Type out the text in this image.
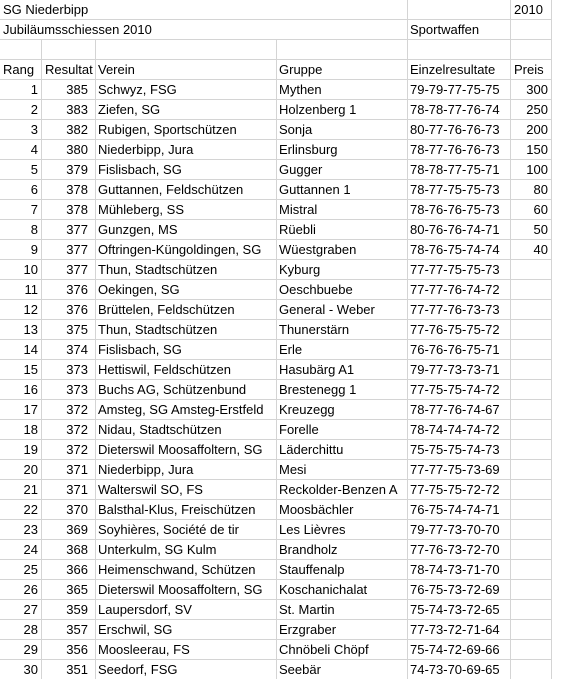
SG Niederbipp	2010
Jubiläumsschiessen 2010	Sportwaffen
Rang Resultat Verein	Gruppe	Einzelresultate	Preis
1	385 Schwyz, FSG	Mythen	79-79-77-75-75	300
2	383 Ziefen, SG	Holzenberg 1	78-78-77-76-74	250
3	382 Rubigen, Sportschützen	Sonja	80-77-76-76-73	200
4	380 Niederbipp, Jura	Erlinsburg	78-77-76-76-73	150
5	379 Fislisbach, SG	Gugger	78-78-77-75-71	100
6	378 Guttannen, Feldschützen	Guttannen 1	78-77-75-75-73	80
7	378 Mühleberg, SS	Mistral	78-76-76-75-73	60
8	377 Gunzgen, MS	Rüebli	80-76-76-74-71	50
9	377 Oftringen-Küngoldingen, SG	Wüestgraben	78-76-75-74-74	40
10	377 Thun, Stadtschützen	Kyburg	77-77-75-75-73
11	376 Oekingen, SG	Oeschbuebe	77-77-76-74-72
12	376 Brüttelen, Feldschützen	General - Weber	77-77-76-73-73
13	375 Thun, Stadtschützen	Thunerstärn	77-76-75-75-72
14	374 Fislisbach, SG	Erle	76-76-76-75-71
15	373 Hettiswil, Feldschützen	Hasubärg A1	79-77-73-73-71
16	373 Buchs AG, Schützenbund	Brestenegg 1	77-75-75-74-72
17	372 Amsteg, SG Amsteg-Erstfeld	Kreuzegg	78-77-76-74-67
18	372 Nidau, Stadtschützen	Forelle	78-74-74-74-72
19	372 Dieterswil Moosaffoltern, SG	Läderchittu	75-75-75-74-73
20	371 Niederbipp, Jura	Mesi	77-77-75-73-69
21	371 Walterswil SO, FS	Reckolder-Benzen A 77-75-75-72-72
22	370 Balsthal-Klus, Freischützen	Moosbächler	76-75-74-74-71
23	369 Soyhières, Société de tir	Les Lièvres	79-77-73-70-70
24	368 Unterkulm, SG Kulm	Brandholz	77-76-73-72-70
25	366 Heimenschwand, Schützen	Stauffenalp	78-74-73-71-70
26	365 Dieterswil Moosaffoltern, SG	Koschanichalat	76-75-73-72-69
27	359 Laupersdorf, SV	St. Martin	75-74-73-72-65
28	357 Erschwil, SG	Erzgraber	77-73-72-71-64
29	356 Moosleerau, FS	Chnöbeli Chöpf	75-74-72-69-66
30	351 Seedorf, FSG	Seebär	74-73-70-69-65
